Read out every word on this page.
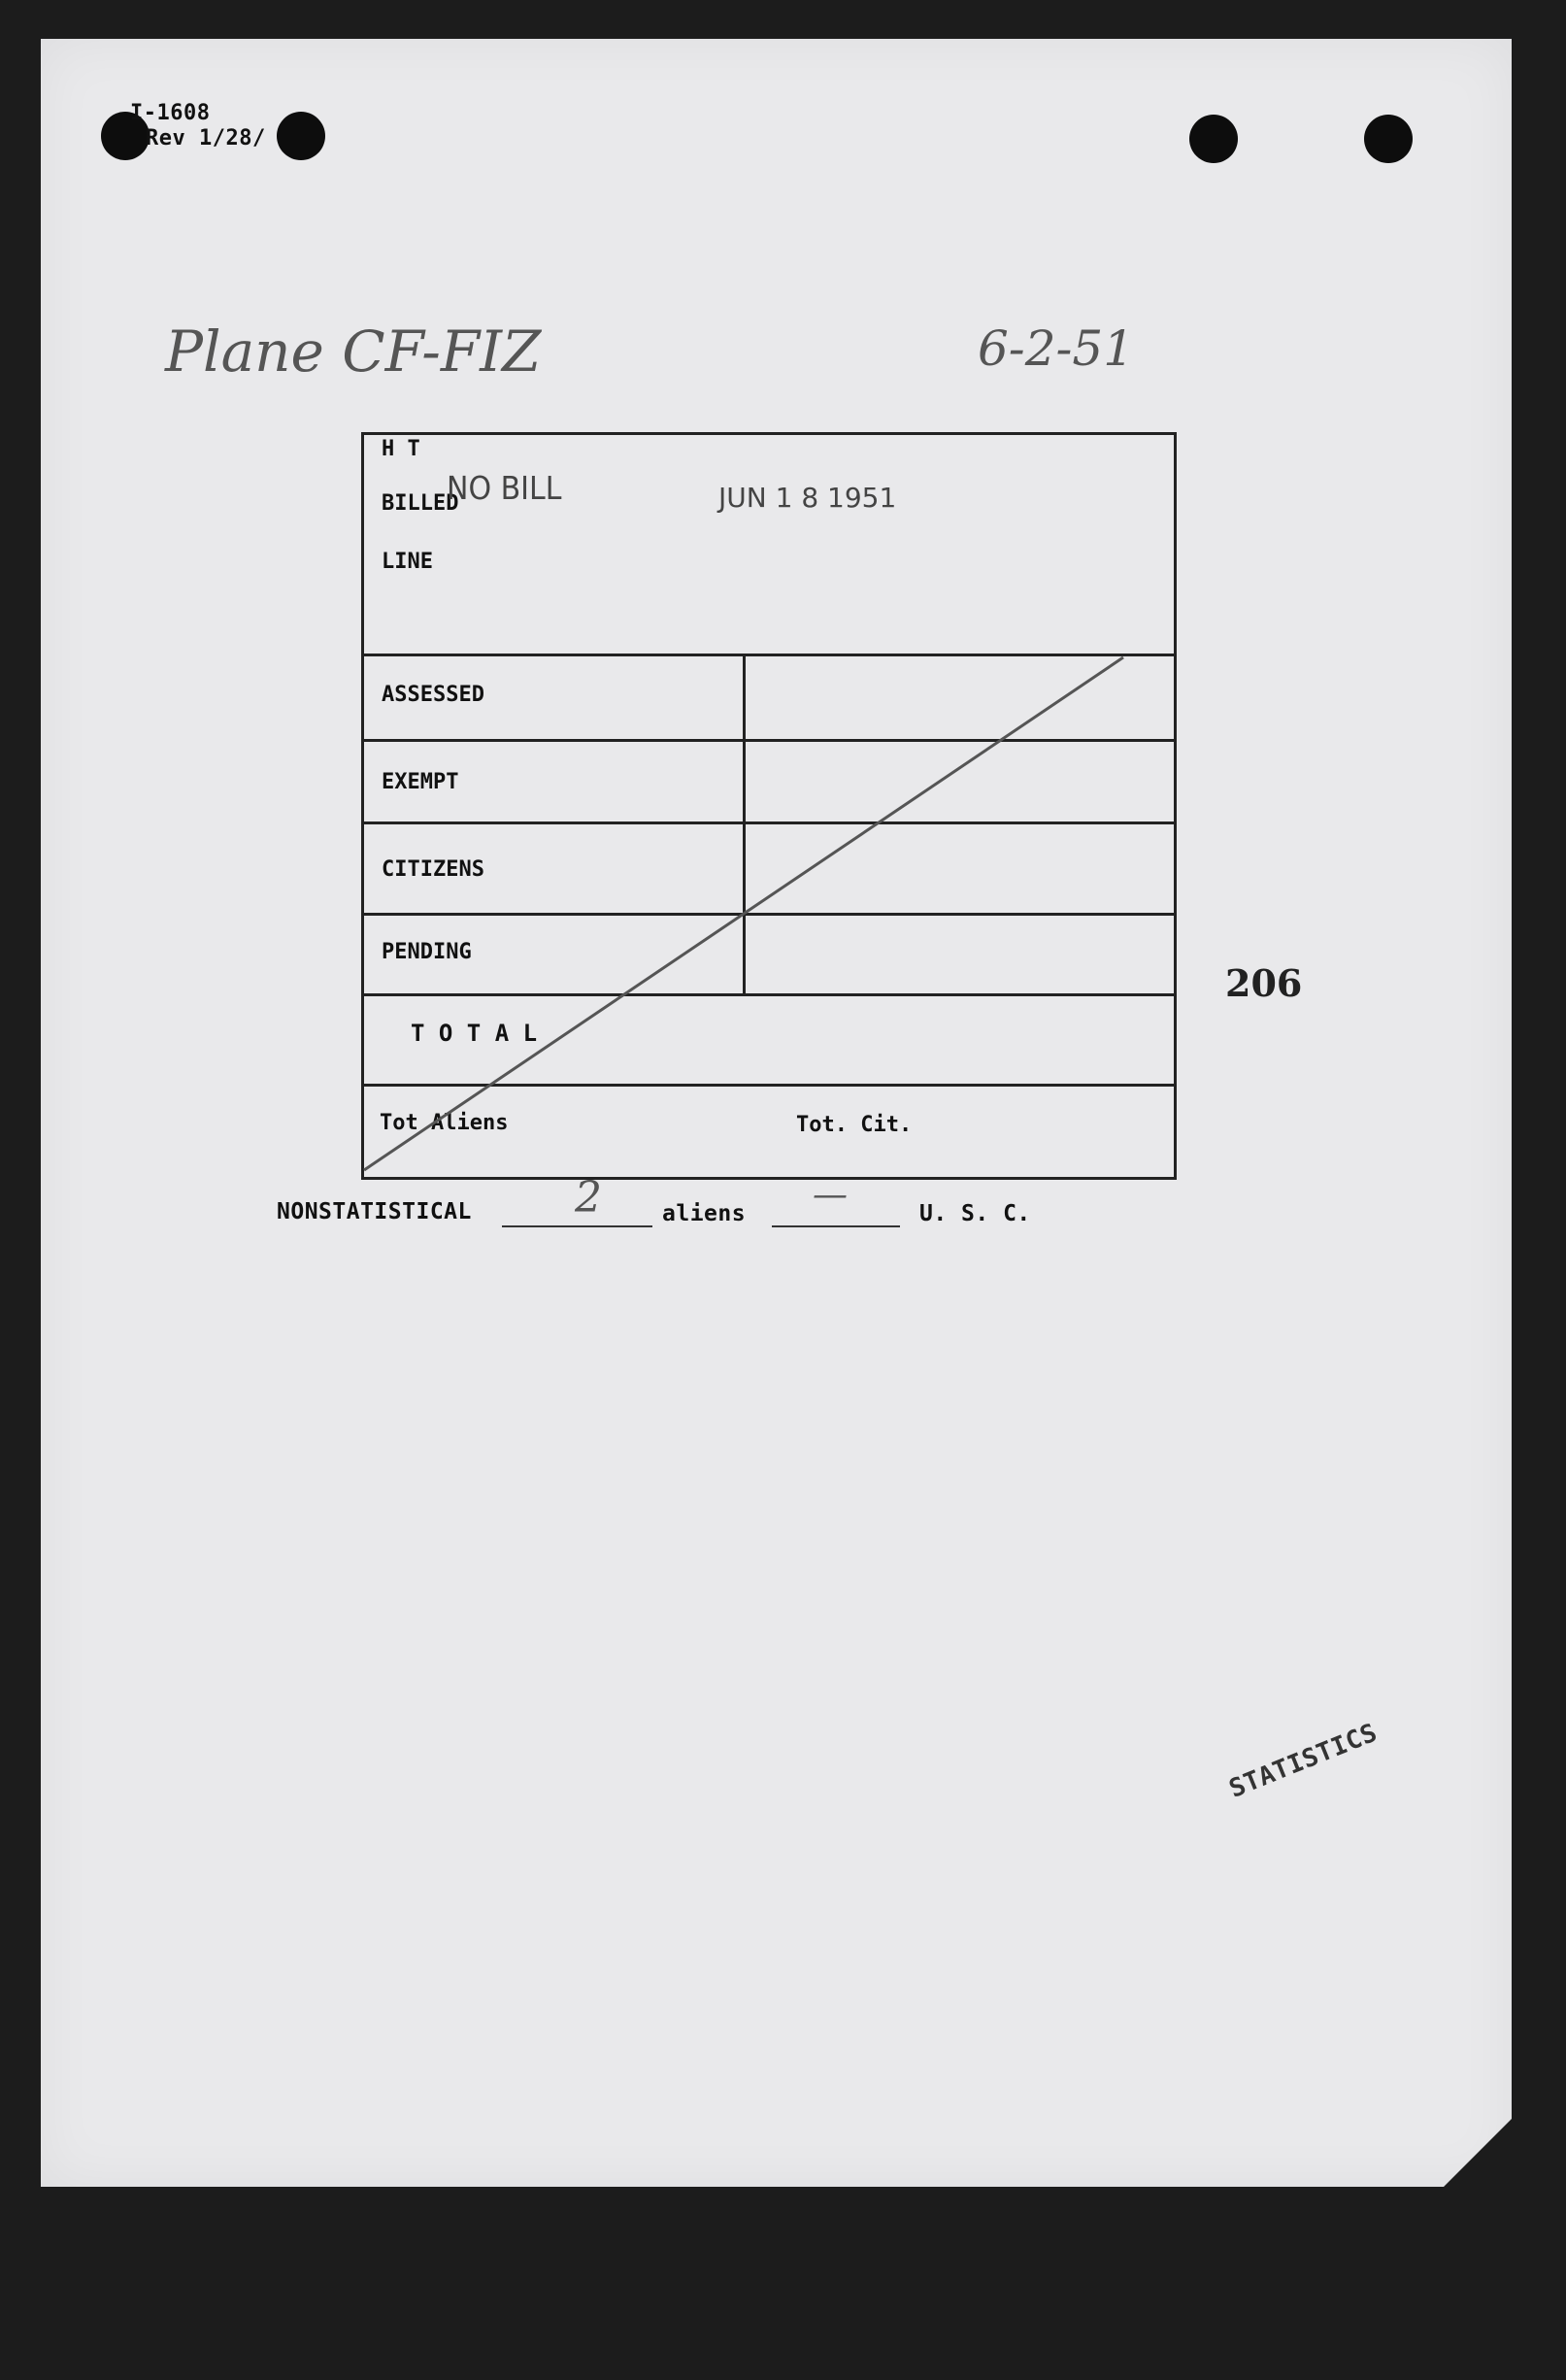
I-1608
Rev 1/28/
Plane CF-FIZ	6-2-51
H T
BILLED
NO BILL	JUN 1 8 1951
LINE
ASSESSED
EXEMPT
CITIZENS
PENDING
T O T A L
Tot Aliens	Tot. Cit.
NONSTATISTICAL 2	aliens —	U. S. C.
206
STATISTICS
